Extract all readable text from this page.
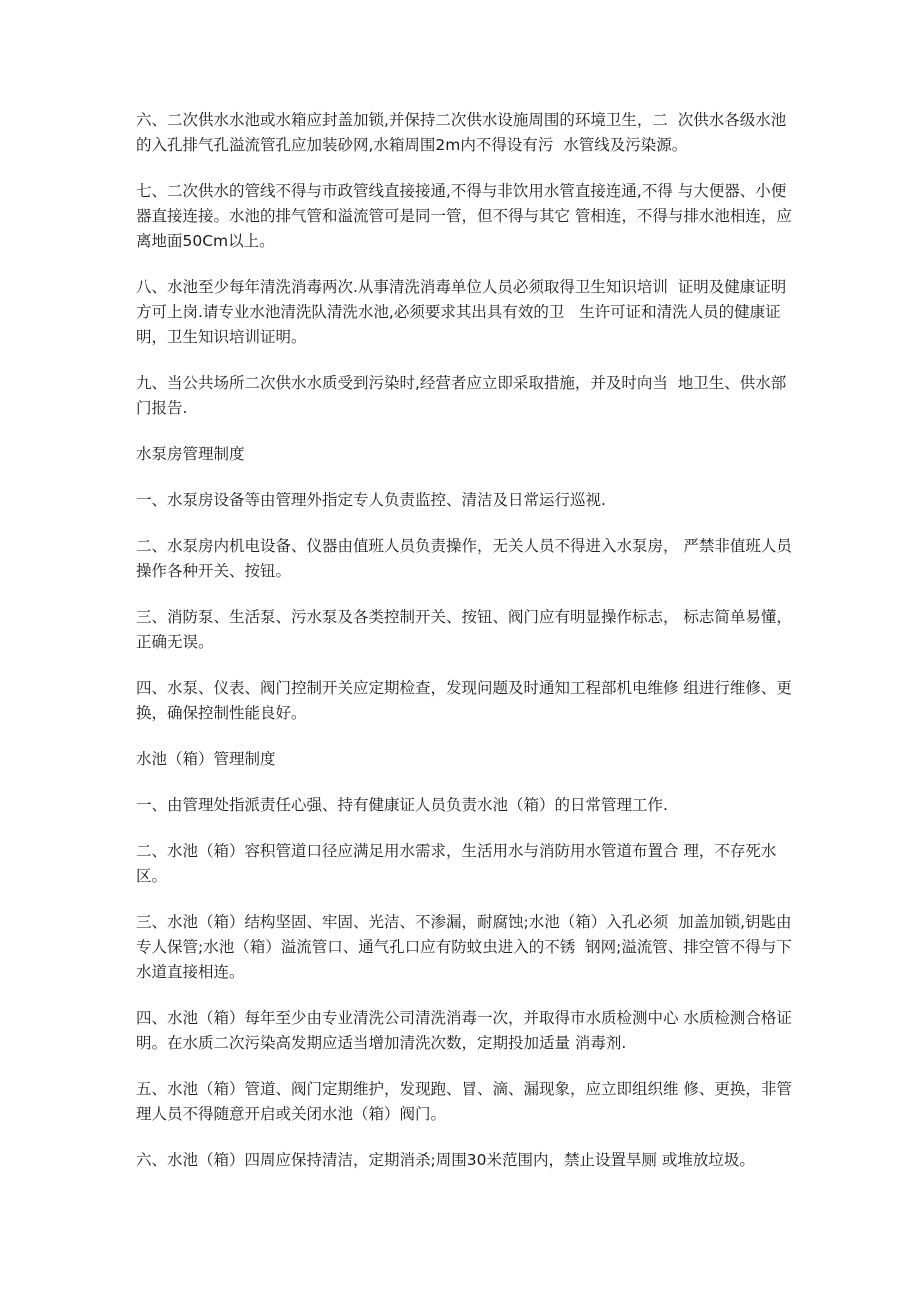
六、二次供水水池或水箱应封盖加锁,并保持二次供水设施周围的环境卫生，二  次供水各级水池的入孔排气孔溢流管孔应加装砂网,水箱周围2m内不得设有污  水管线及污染源。

七、二次供水的管线不得与市政管线直接接通,不得与非饮用水管直接连通,不得 与大便器、小便器直接连接。水池的排气管和溢流管可是同一管，但不得与其它 管相连，不得与排水池相连，应离地面50Cm以上。

八、水池至少每年清洗消毒两次.从事清洗消毒单位人员必须取得卫生知识培训  证明及健康证明方可上岗.请专业水池清洗队清洗水池,必须要求其出具有效的卫   生许可证和清洗人员的健康证明，卫生知识培训证明。

九、当公共场所二次供水水质受到污染时,经营者应立即采取措施，并及时向当  地卫生、供水部门报告.

水泵房管理制度

一、水泵房设备等由管理外指定专人负责监控、清洁及日常运行巡视.

二、水泵房内机电设备、仪器由值班人员负责操作，无关人员不得进入水泵房， 严禁非值班人员操作各种开关、按钮。

三、消防泵、生活泵、污水泵及各类控制开关、按钮、阀门应有明显操作标志， 标志简单易懂，正确无误。

四、水泵、仪表、阀门控制开关应定期检查，发现问题及时通知工程部机电维修 组进行维修、更换，确保控制性能良好。

水池（箱）管理制度

一、由管理处指派责任心强、持有健康证人员负责水池（箱）的日常管理工作.

二、水池（箱）容积管道口径应满足用水需求，生活用水与消防用水管道布置合 理，不存死水区。

三、水池（箱）结构坚固、牢固、光洁、不渗漏，耐腐蚀;水池（箱）入孔必须  加盖加锁,钥匙由专人保管;水池（箱）溢流管口、通气孔口应有防蚊虫进入的不锈  钢网;溢流管、排空管不得与下水道直接相连。

四、水池（箱）每年至少由专业清洗公司清洗消毒一次，并取得市水质检测中心 水质检测合格证明。在水质二次污染高发期应适当增加清洗次数，定期投加适量 消毒剂.

五、水池（箱）管道、阀门定期维护，发现跑、冒、滴、漏现象，应立即组织维 修、更换，非管理人员不得随意开启或关闭水池（箱）阀门。

六、水池（箱）四周应保持清洁，定期消杀;周围30米范围内，禁止设置旱厕 或堆放垃圾。
